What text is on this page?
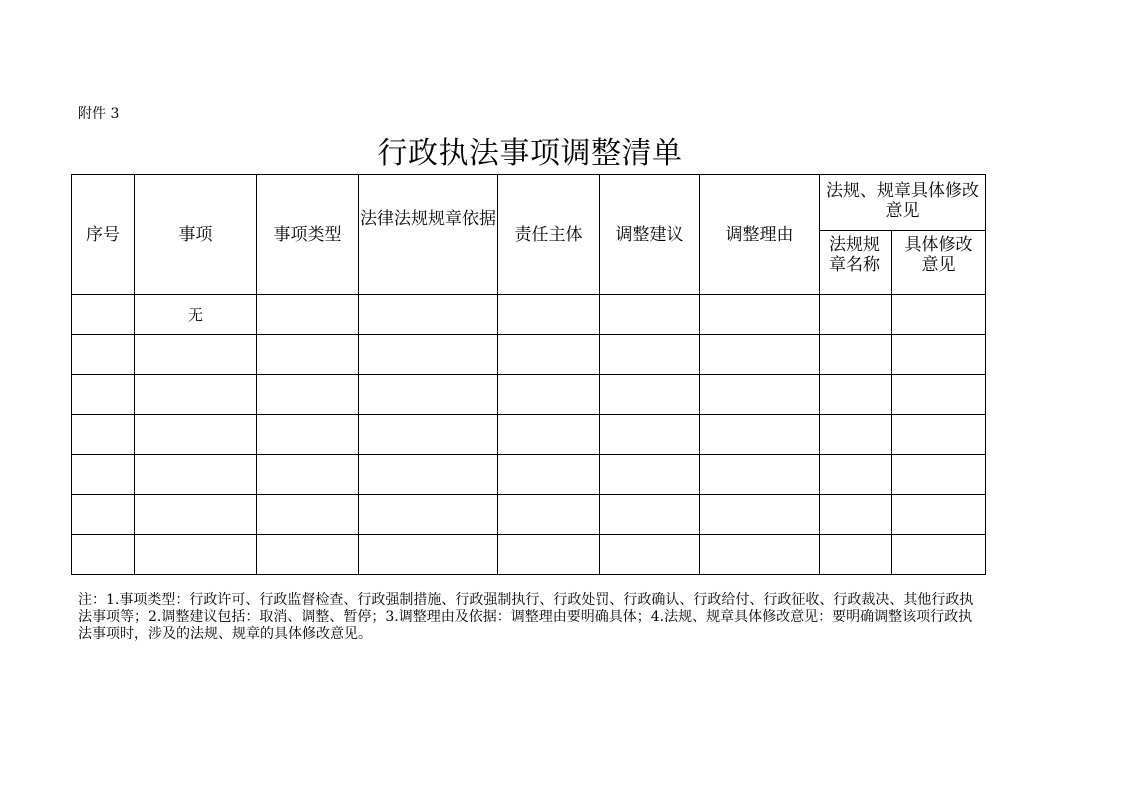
附件 3
行政执法事项调整清单
序号	事项	事项类型	法律法规规章依据	责任主体	调整建议	调整理由	法规、规章具体修改意见	
							法规规章名称	具体修改意见
	无							

注：1.事项类型：行政许可、行政监督检查、行政强制措施、行政强制执行、行政处罚、行政确认、行政给付、行政征收、行政裁决、其他行政执法事项等；2.调整建议包括：取消、调整、暂停；3.调整理由及依据：调整理由要明确具体；4.法规、规章具体修改意见：要明确调整该项行政执法事项时，涉及的法规、规章的具体修改意见。
